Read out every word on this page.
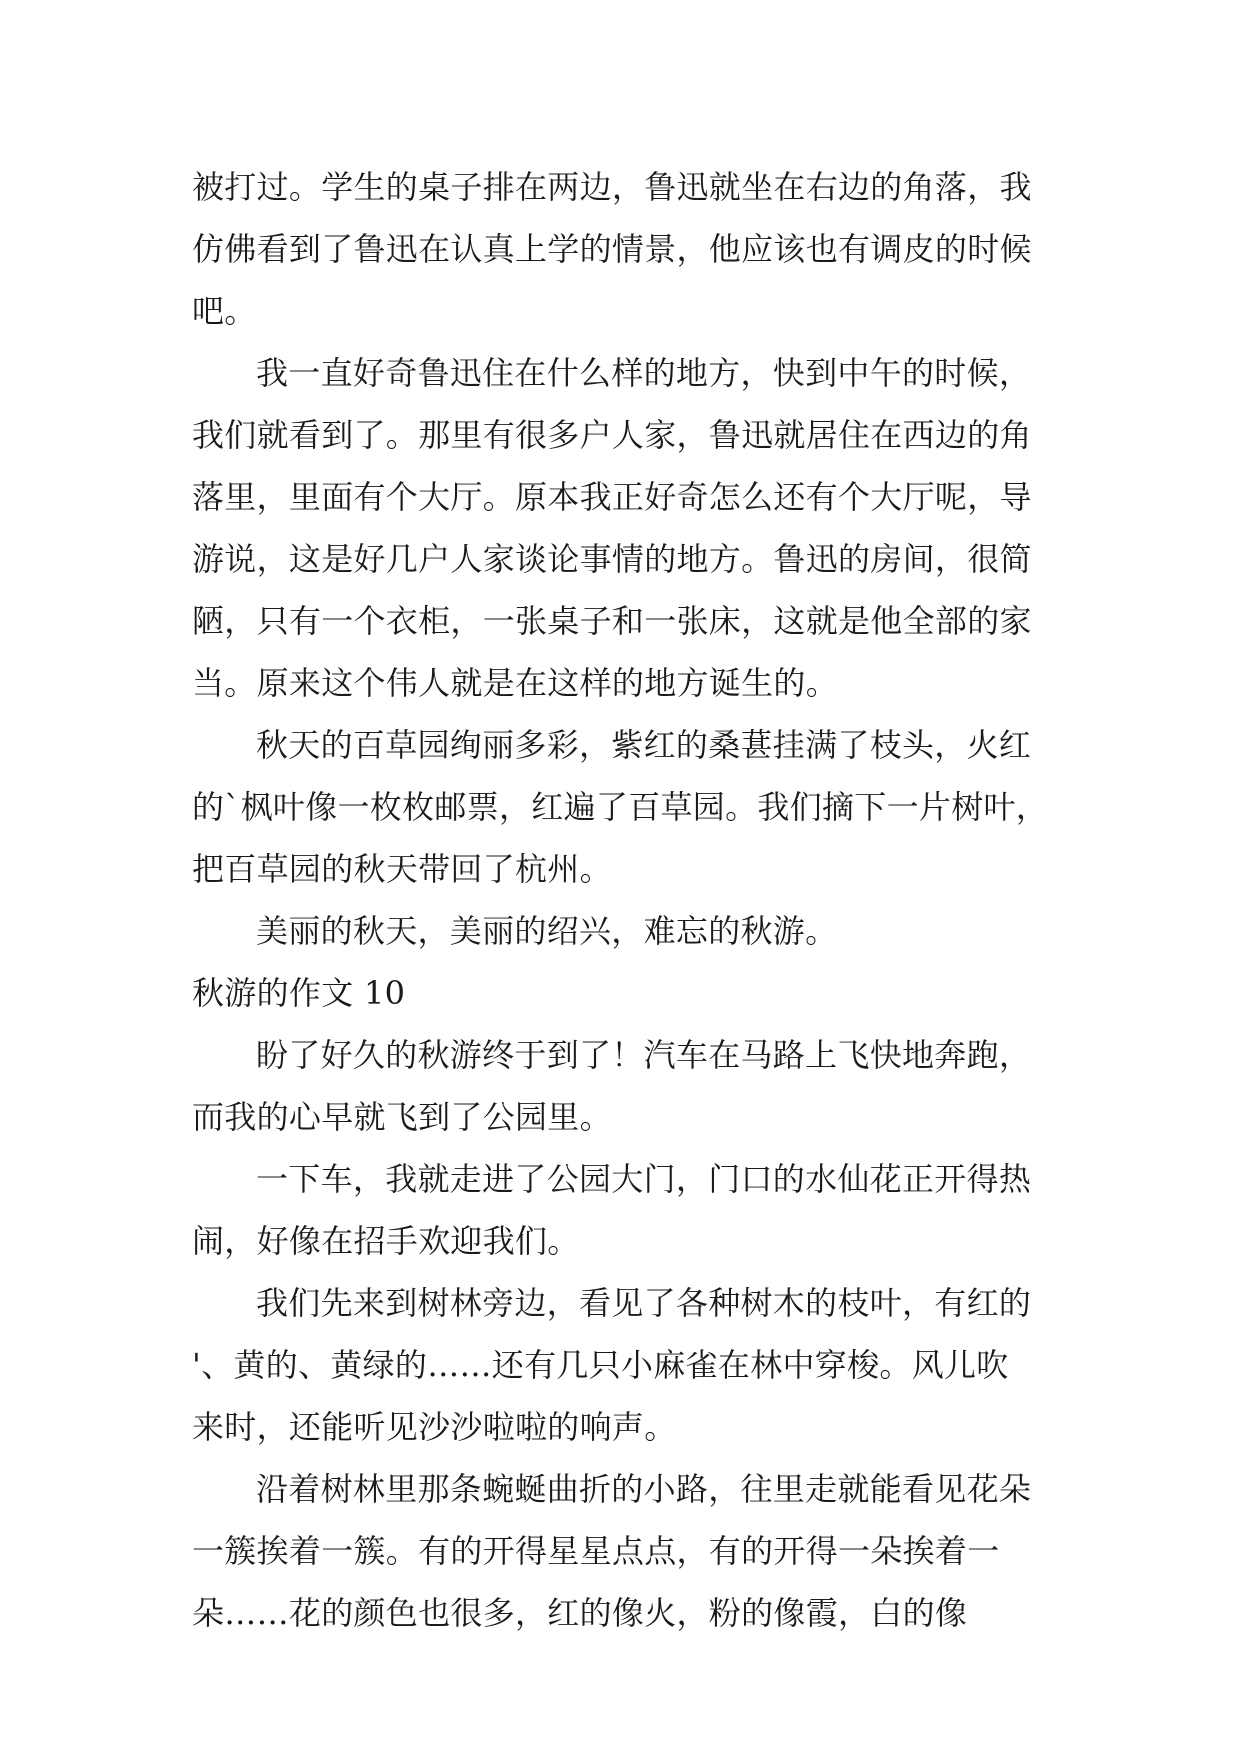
被打过。学生的桌子排在两边，鲁迅就坐在右边的角落，我
仿佛看到了鲁迅在认真上学的情景，他应该也有调皮的时候
吧。
我一直好奇鲁迅住在什么样的地方，快到中午的时候，
我们就看到了。那里有很多户人家，鲁迅就居住在西边的角
落里，里面有个大厅。原本我正好奇怎么还有个大厅呢，导
游说，这是好几户人家谈论事情的地方。鲁迅的房间，很简
陋，只有一个衣柜，一张桌子和一张床，这就是他全部的家
当。原来这个伟人就是在这样的地方诞生的。
秋天的百草园绚丽多彩，紫红的桑葚挂满了枝头，火红
的`枫叶像一枚枚邮票，红遍了百草园。我们摘下一片树叶，
把百草园的秋天带回了杭州。
美丽的秋天，美丽的绍兴，难忘的秋游。
秋游的作文 10
盼了好久的秋游终于到了！汽车在马路上飞快地奔跑，
而我的心早就飞到了公园里。
一下车，我就走进了公园大门，门口的水仙花正开得热
闹，好像在招手欢迎我们。
我们先来到树林旁边，看见了各种树木的枝叶，有红的
'、黄的、黄绿的……还有几只小麻雀在林中穿梭。风儿吹
来时，还能听见沙沙啦啦的响声。
沿着树林里那条蜿蜒曲折的小路，往里走就能看见花朵
一簇挨着一簇。有的开得星星点点，有的开得一朵挨着一
朵……花的颜色也很多，红的像火，粉的像霞，白的像
